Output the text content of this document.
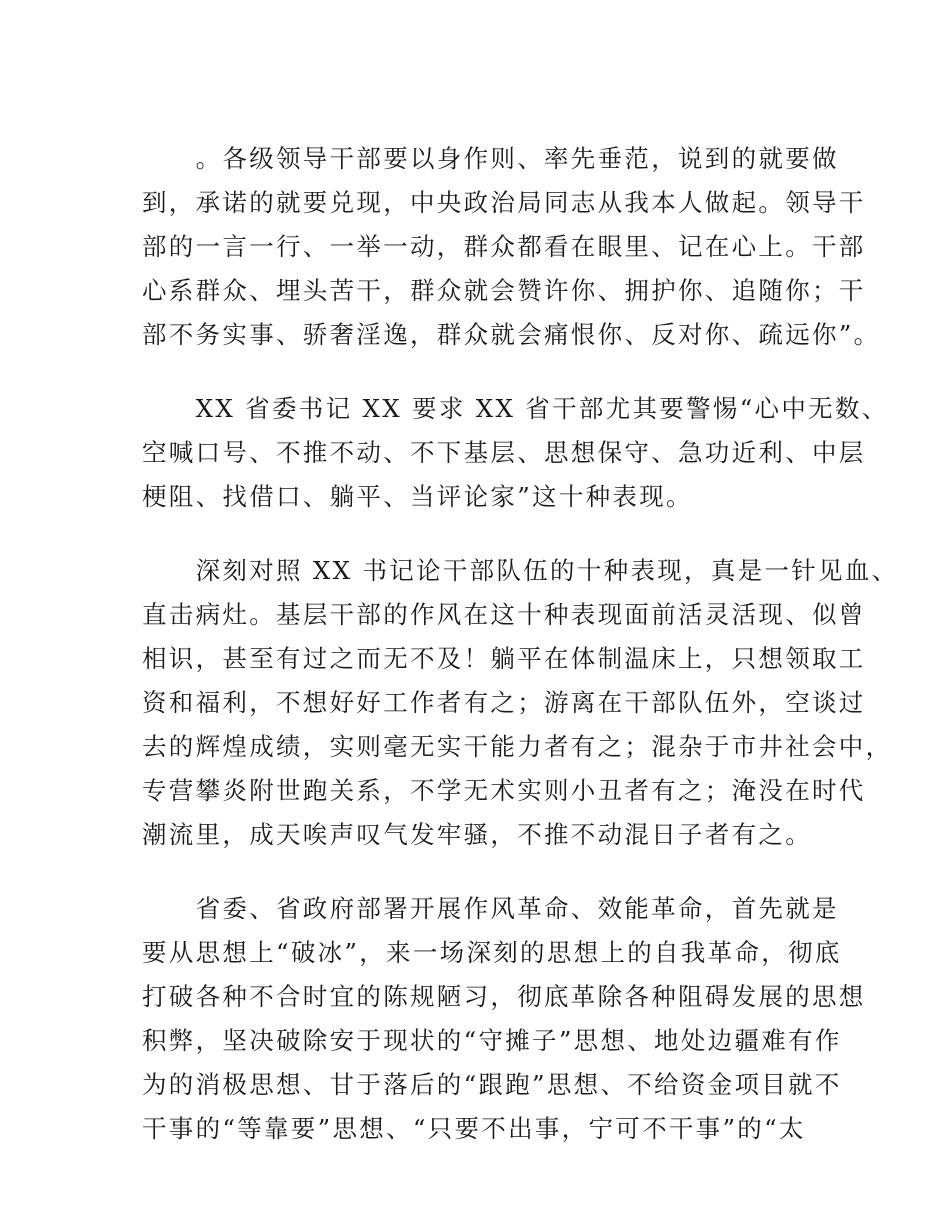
　　。各级领导干部要以身作则、率先垂范，说到的就要做
到，承诺的就要兑现，中央政治局同志从我本人做起。领导干
部的一言一行、一举一动，群众都看在眼里、记在心上。干部
心系群众、埋头苦干，群众就会赞许你、拥护你、追随你；干
部不务实事、骄奢淫逸，群众就会痛恨你、反对你、疏远你”。
　　XX 省委书记 XX 要求 XX 省干部尤其要警惕“心中无数、
空喊口号、不推不动、不下基层、思想保守、急功近利、中层
梗阻、找借口、躺平、当评论家”这十种表现。
　　深刻对照 XX 书记论干部队伍的十种表现，真是一针见血、
直击病灶。基层干部的作风在这十种表现面前活灵活现、似曾
相识，甚至有过之而无不及！躺平在体制温床上，只想领取工
资和福利，不想好好工作者有之；游离在干部队伍外，空谈过
去的辉煌成绩，实则毫无实干能力者有之；混杂于市井社会中，
专营攀炎附世跑关系，不学无术实则小丑者有之；淹没在时代
潮流里，成天唉声叹气发牢骚，不推不动混日子者有之。
　　省委、省政府部署开展作风革命、效能革命，首先就是
要从思想上“破冰”，来一场深刻的思想上的自我革命，彻底
打破各种不合时宜的陈规陋习，彻底革除各种阻碍发展的思想
积弊，坚决破除安于现状的“守摊子”思想、地处边疆难有作
为的消极思想、甘于落后的“跟跑”思想、不给资金项目就不
干事的“等靠要”思想、“只要不出事，宁可不干事”的“太
